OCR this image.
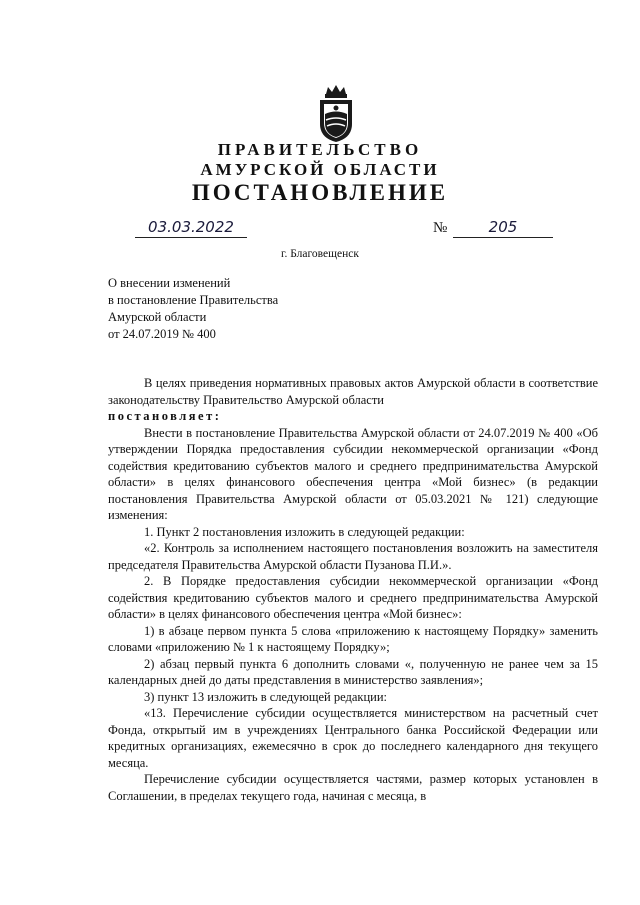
ПРАВИТЕЛЬСТВО
АМУРСКОЙ ОБЛАСТИ
ПОСТАНОВЛЕНИЕ
03.03.2022	№	205
г. Благовещенск
О внесении изменений
в постановление Правительства
Амурской области
от 24.07.2019 № 400

В целях приведения нормативных правовых актов Амурской области в соответствие законодательству Правительство Амурской области

постановляет:

Внести в постановление Правительства Амурской области от 24.07.2019 № 400 «Об утверждении Порядка предоставления субсидии некоммерческой организации «Фонд содействия кредитованию субъектов малого и среднего предпринимательства Амурской области» в целях финансового обеспечения центра «Мой бизнес» (в редакции постановления Правительства Амурской области от 05.03.2021 № 121) следующие изменения:

1. Пункт 2 постановления изложить в следующей редакции:

«2. Контроль за исполнением настоящего постановления возложить на заместителя председателя Правительства Амурской области Пузанова П.И.».

2. В Порядке предоставления субсидии некоммерческой организации «Фонд содействия кредитованию субъектов малого и среднего предпринимательства Амурской области» в целях финансового обеспечения центра «Мой бизнес»:

1) в абзаце первом пункта 5 слова «приложению к настоящему Порядку» заменить словами «приложению № 1 к настоящему Порядку»;

2) абзац первый пункта 6 дополнить словами «, полученную не ранее чем за 15 календарных дней до даты представления в министерство заявления»;

3) пункт 13 изложить в следующей редакции:

«13. Перечисление субсидии осуществляется министерством на расчетный счет Фонда, открытый им в учреждениях Центрального банка Российской Федерации или кредитных организациях, ежемесячно в срок до последнего календарного дня текущего месяца.

Перечисление субсидии осуществляется частями, размер которых установлен в Соглашении, в пределах текущего года, начиная с месяца, в
